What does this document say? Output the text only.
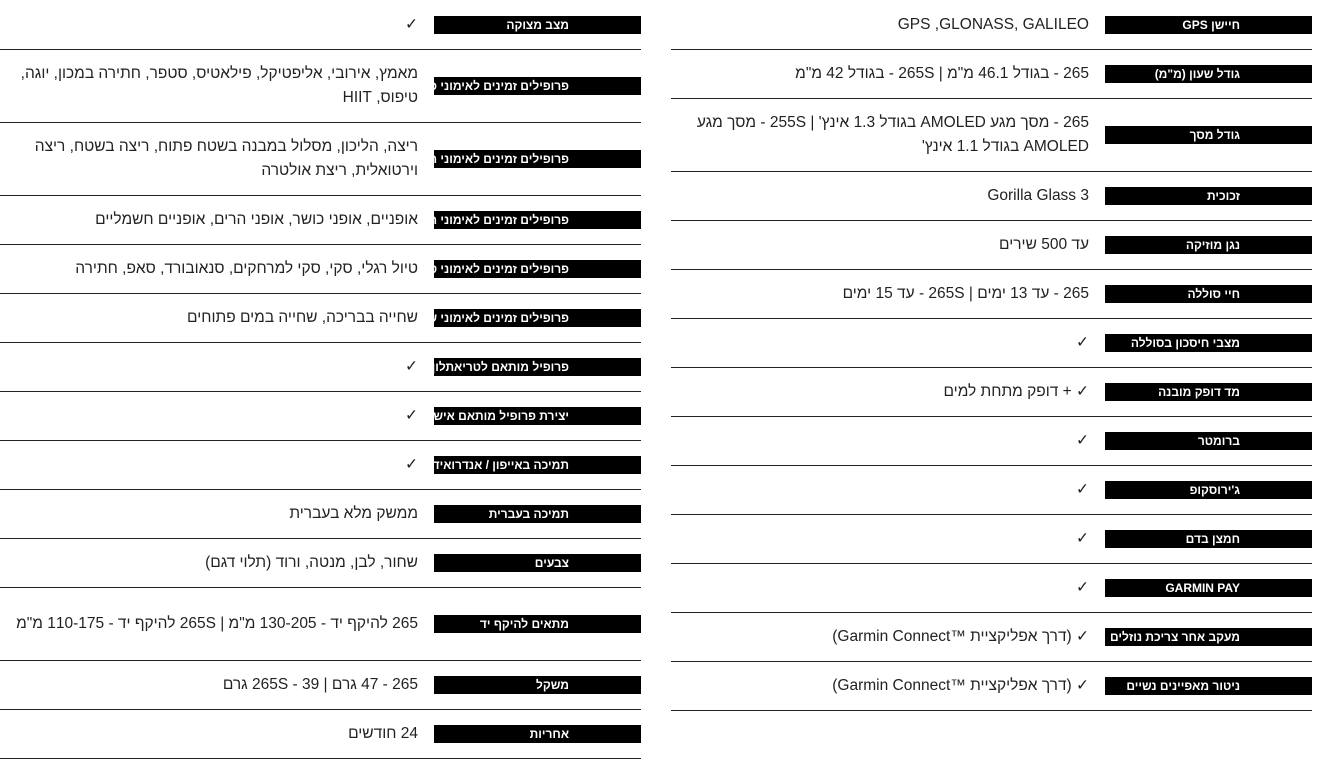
חיישן GPS
GPS ,GLONASS, GALILEO
גודל שעון (מ"מ)
265 - בגודל 46.1 מ"מ | 265S - בגודל 42 מ"מ
גודל מסך
265 - מסך מגע AMOLED בגודל 1.3 אינץ' | 255S - מסך מגע AMOLED בגודל 1.1 אינץ'
זכוכית
Gorilla Glass 3
נגן מוזיקה
עד 500 שירים
חיי סוללה
265 - עד 13 ימים | 265S - עד 15 ימים
מצבי חיסכון בסוללה
✓
מד דופק מובנה
✓ + דופק מתחת למים
ברומטר
✓
ג'ירוסקופ
✓
חמצן בדם
✓
GARMIN PAY
✓
מעקב אחר צריכת נוזלים
✓ (דרך אפליקציית ™Garmin Connect)
ניטור מאפיינים נשיים
✓ (דרך אפליקציית ™Garmin Connect)
מצב מצוקה
✓
פרופילים זמינים לאימוני כושר וחדר כושר
מאמץ, אירובי, אליפטיקל, פילאטיס, סטפר, חתירה במכון, יוגה, טיפוס, HIIT
פרופילים זמינים לאימוני ריצה
ריצה, הליכון, מסלול במבנה בשטח פתוח, ריצה בשטח, ריצה וירטואלית, ריצת אולטרה
פרופילים זמינים לאימוני רכיבה
אופניים, אופני כושר, אופני הרים, אופניים חשמליים
פרופילים זמינים לאימוני טבע ושונות
טיול רגלי, סקי, סקי למרחקים, סנאובורד, סאפ, חתירה
פרופילים זמינים לאימוני שחייה
שחייה בבריכה, שחייה במים פתוחים
פרופיל מותאם לטריאתלון
✓
יצירת פרופיל מותאם אישית
✓
תמיכה באייפון / אנדרואיד
✓
תמיכה בעברית
ממשק מלא בעברית
צבעים
שחור, לבן, מנטה, ורוד (תלוי דגם)
מתאים להיקף יד
265 להיקף יד - 130-205 מ"מ | 265S להיקף יד - 110-175 מ"מ
משקל
265 - 47 גרם | 39 - 265S גרם
אחריות
24 חודשים
